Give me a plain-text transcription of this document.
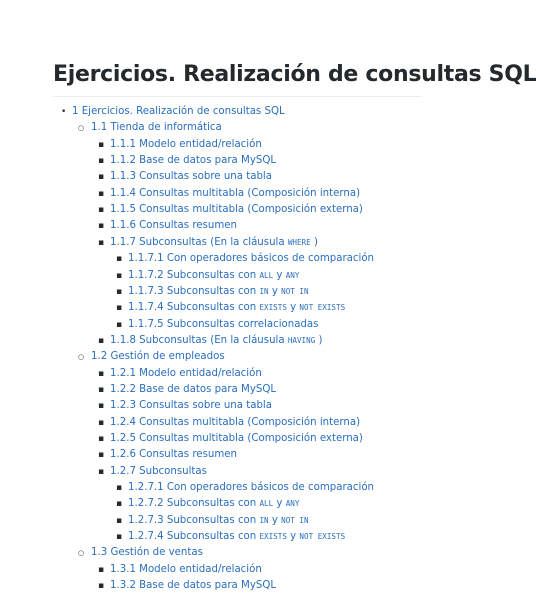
Ejercicios. Realización de consultas SQL
•
1 Ejercicios. Realización de consultas SQL
○
1.1 Tienda de informática
▪
1.1.1 Modelo entidad/relación
▪
1.1.2 Base de datos para MySQL
▪
1.1.3 Consultas sobre una tabla
▪
1.1.4 Consultas multitabla (Composición interna)
▪
1.1.5 Consultas multitabla (Composición externa)
▪
1.1.6 Consultas resumen
▪
1.1.7 Subconsultas (En la cláusula WHERE )
▪
1.1.7.1 Con operadores básicos de comparación
▪
1.1.7.2 Subconsultas con ALL y ANY
▪
1.1.7.3 Subconsultas con IN y NOT IN
▪
1.1.7.4 Subconsultas con EXISTS y NOT EXISTS
▪
1.1.7.5 Subconsultas correlacionadas
▪
1.1.8 Subconsultas (En la cláusula HAVING )
○
1.2 Gestión de empleados
▪
1.2.1 Modelo entidad/relación
▪
1.2.2 Base de datos para MySQL
▪
1.2.3 Consultas sobre una tabla
▪
1.2.4 Consultas multitabla (Composición interna)
▪
1.2.5 Consultas multitabla (Composición externa)
▪
1.2.6 Consultas resumen
▪
1.2.7 Subconsultas
▪
1.2.7.1 Con operadores básicos de comparación
▪
1.2.7.2 Subconsultas con ALL y ANY
▪
1.2.7.3 Subconsultas con IN y NOT IN
▪
1.2.7.4 Subconsultas con EXISTS y NOT EXISTS
○
1.3 Gestión de ventas
▪
1.3.1 Modelo entidad/relación
▪
1.3.2 Base de datos para MySQL
